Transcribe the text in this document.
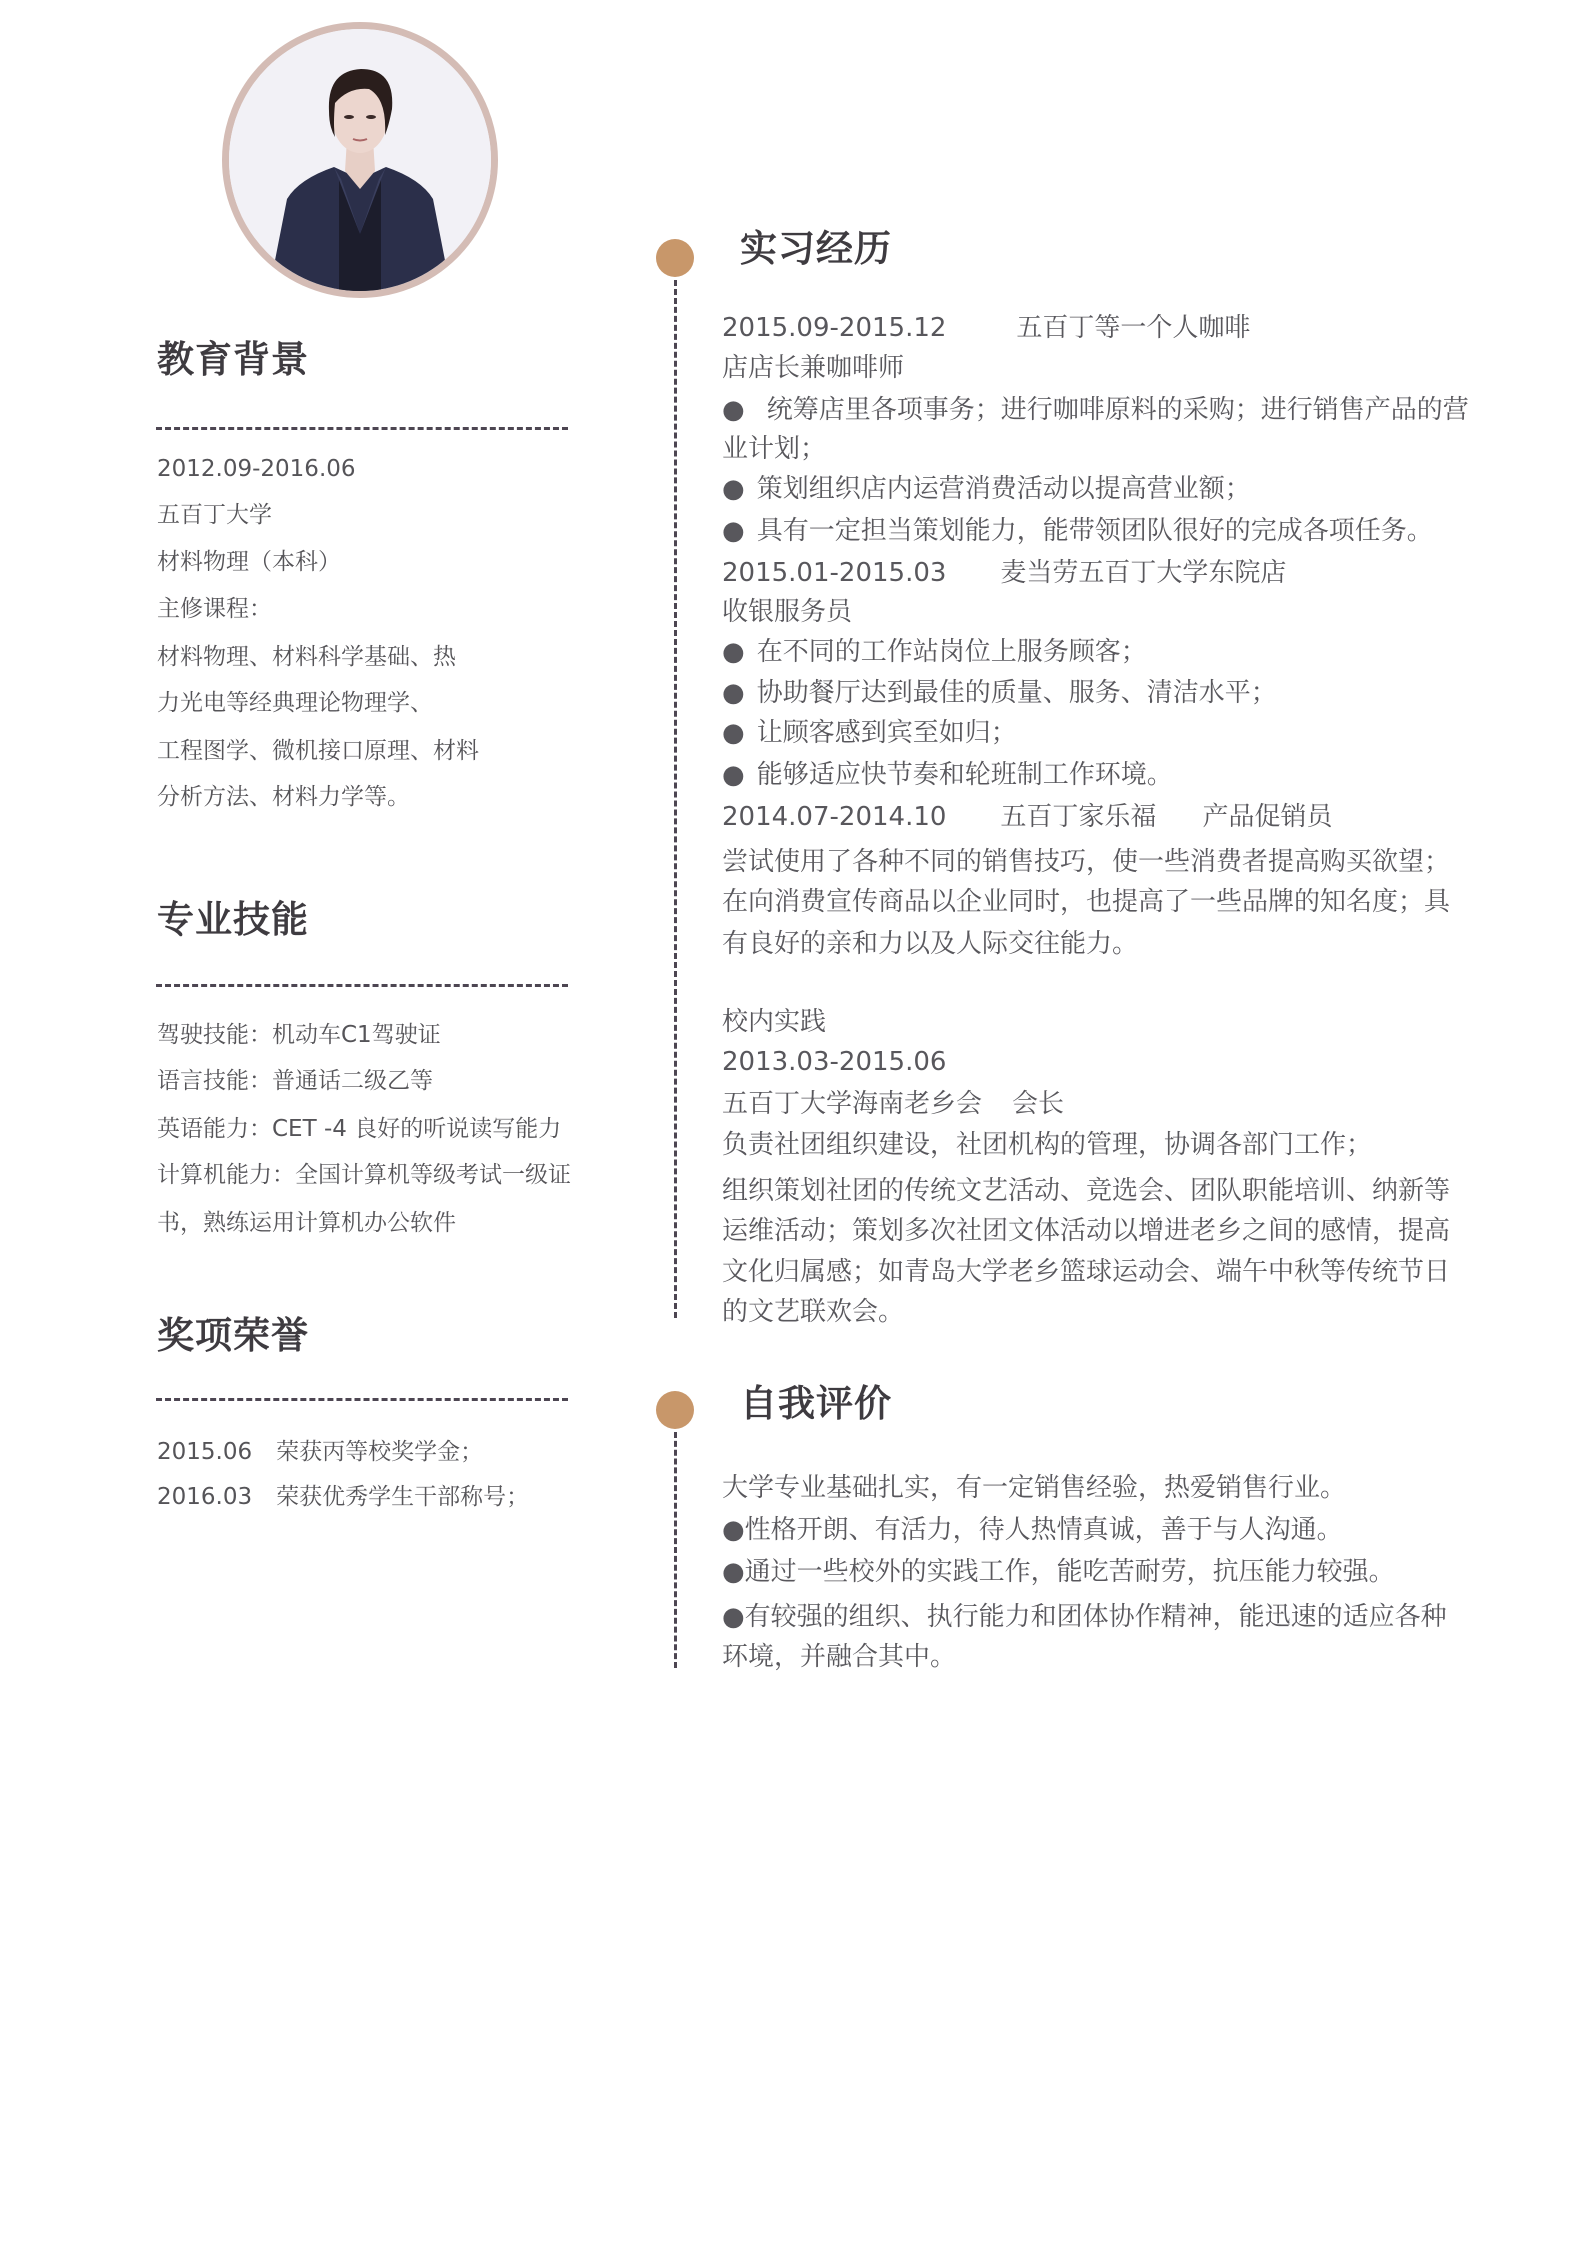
教育背景
2012.09-2016.06
五百丁大学
材料物理（本科）
主修课程：
材料物理、材料科学基础、热
力光电等经典理论物理学、
工程图学、微机接口原理、材料
分析方法、材料力学等。
专业技能
驾驶技能：机动车C1驾驶证
语言技能：普通话二级乙等
英语能力：CET -4 良好的听说读写能力
计算机能力：全国计算机等级考试一级证
书，熟练运用计算机办公软件
奖项荣誉
2015.06 荣获丙等校奖学金；
2016.03 荣获优秀学生干部称号；
实习经历
2015.09-2015.12	五百丁等一个人咖啡
店店长兼咖啡师
● 统筹店里各项事务；进行咖啡原料的采购；进行销售产品的营
业计划；
● 策划组织店内运营消费活动以提高营业额；
● 具有一定担当策划能力，能带领团队很好的完成各项任务。
2015.01-2015.03 麦当劳五百丁大学东院店
收银服务员
● 在不同的工作站岗位上服务顾客；
● 协助餐厅达到最佳的质量、服务、清洁水平；
● 让顾客感到宾至如归；
● 能够适应快节奏和轮班制工作环境。
2014.07-2014.10 五百丁家乐福 产品促销员
尝试使用了各种不同的销售技巧，使一些消费者提高购买欲望；
在向消费宣传商品以企业同时，也提高了一些品牌的知名度；具
有良好的亲和力以及人际交往能力。
校内实践
2013.03-2015.06
五百丁大学海南老乡会 会长
负责社团组织建设，社团机构的管理，协调各部门工作；
组织策划社团的传统文艺活动、竞选会、团队职能培训、纳新等
运维活动；策划多次社团文体活动以增进老乡之间的感情，提高
文化归属感；如青岛大学老乡篮球运动会、端午中秋等传统节日
的文艺联欢会。
自我评价
大学专业基础扎实，有一定销售经验，热爱销售行业。
●性格开朗、有活力，待人热情真诚，善于与人沟通。
●通过一些校外的实践工作，能吃苦耐劳，抗压能力较强。
●有较强的组织、执行能力和团体协作精神，能迅速的适应各种
环境，并融合其中。
